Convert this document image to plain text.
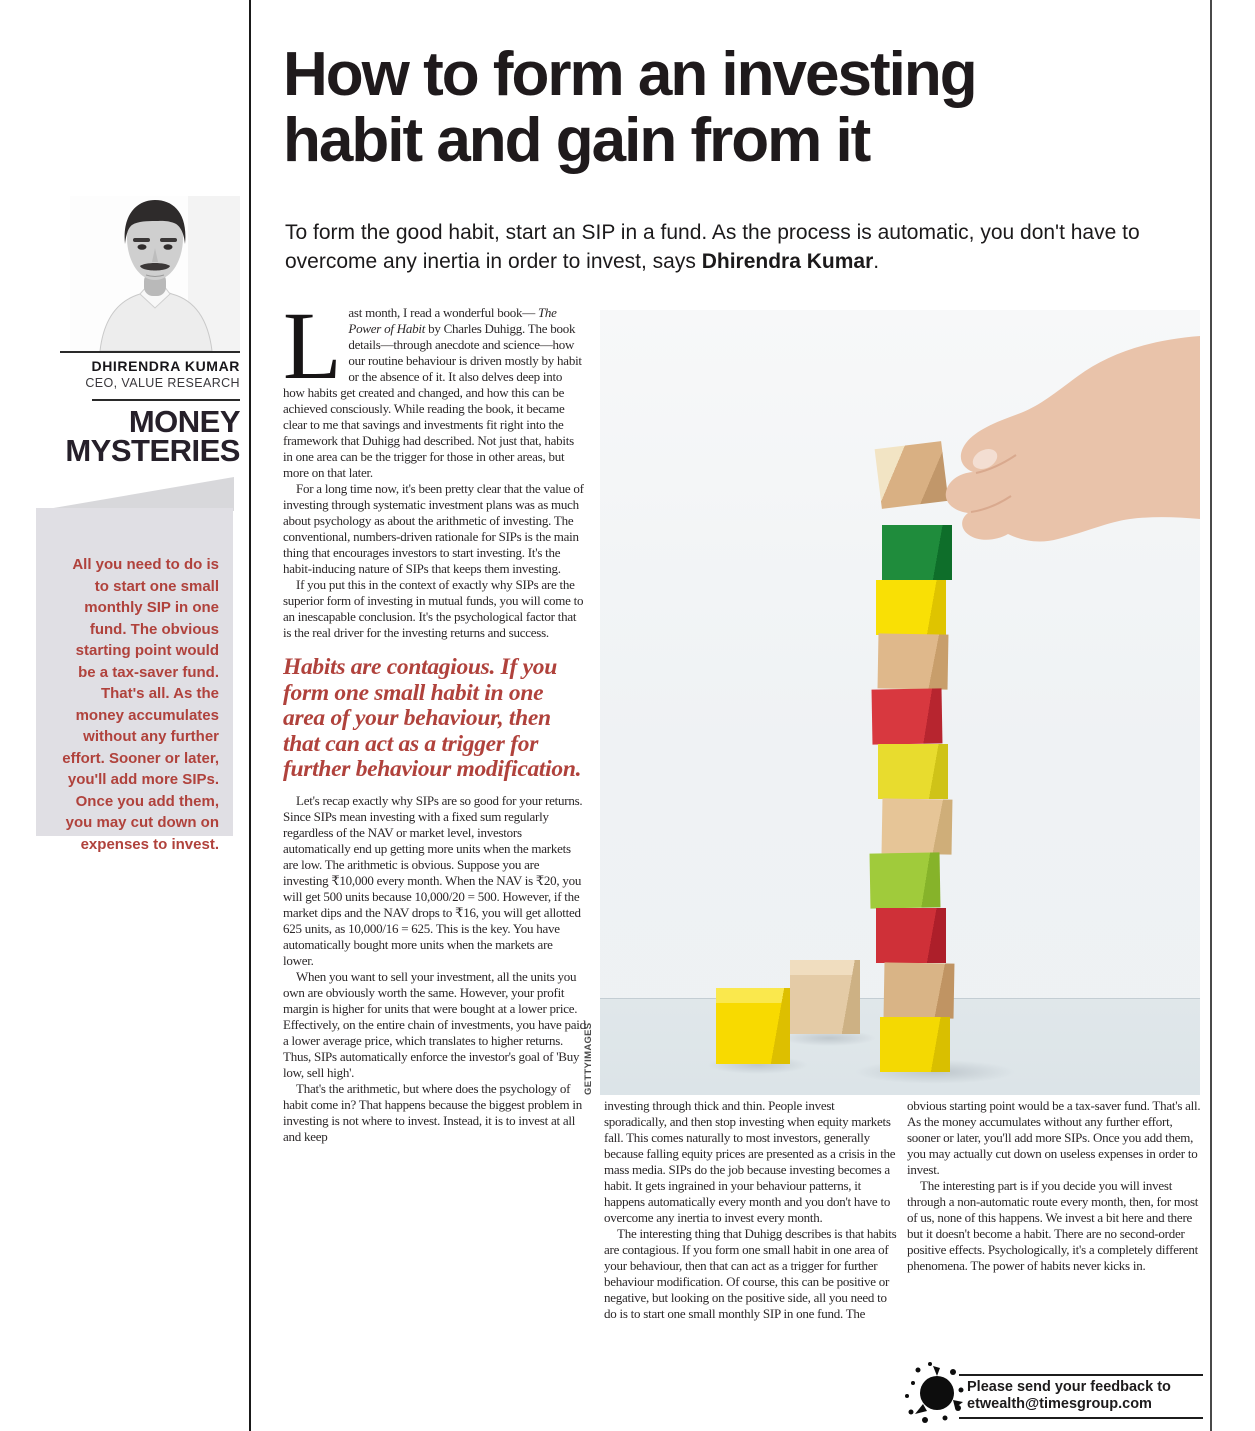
DHIRENDRA KUMAR
CEO, VALUE RESEARCH
MONEY
MYSTERIES
All you need to do is to start one small monthly SIP in one fund. The obvious starting point would be a tax-saver fund. That's all. As the money accumulates without any further effort. Sooner or later, you'll add more SIPs. Once you add them, you may cut down on expenses to invest.
How to form an investing
habit and gain from it
To form the good habit, start an SIP in a fund. As the process is automatic, you don't have to overcome any inertia in order to invest, says Dhirendra Kumar.

Last month, I read a wonderful book— The Power of Habit by Charles Duhigg. The book details—through anecdote and science—how our routine behaviour is driven mostly by habit or the absence of it. It also delves deep into how habits get created and changed, and how this can be achieved consciously. While reading the book, it became clear to me that savings and investments fit right into the framework that Duhigg had described. Not just that, habits in one area can be the trigger for those in other areas, but more on that later.

For a long time now, it's been pretty clear that the value of investing through systematic investment plans was as much about psychology as about the arithmetic of investing. The conventional, numbers-driven rationale for SIPs is the main thing that encourages investors to start investing. It's the habit-inducing nature of SIPs that keeps them investing.

If you put this in the context of exactly why SIPs are the superior form of investing in mutual funds, you will come to an inescapable conclusion. It's the psychological factor that is the real driver for the investing returns and success.

Habits are contagious. If you form one small habit in one area of your behaviour, then that can act as a trigger for further behaviour modification.

Let's recap exactly why SIPs are so good for your returns. Since SIPs mean investing with a fixed sum regularly regardless of the NAV or market level, investors automatically end up getting more units when the markets are low. The arithmetic is obvious. Suppose you are investing ₹10,000 every month. When the NAV is ₹20, you will get 500 units because 10,000/20 = 500. However, if the market dips and the NAV drops to ₹16, you will get allotted 625 units, as 10,000/16 = 625. This is the key. You have automatically bought more units when the markets are lower.

When you want to sell your investment, all the units you own are obviously worth the same. However, your profit margin is higher for units that were bought at a lower price. Effectively, on the entire chain of investments, you have paid a lower average price, which translates to higher returns. Thus, SIPs automatically enforce the investor's goal of 'Buy low, sell high'.

That's the arithmetic, but where does the psychology of habit come in? That happens because the biggest problem in investing is not where to invest. Instead, it is to invest at all and keep

GETTYIMAGES

investing through thick and thin. People invest sporadically, and then stop investing when equity markets fall. This comes naturally to most investors, generally because falling equity prices are presented as a crisis in the mass media. SIPs do the job because investing becomes a habit. It gets ingrained in your behaviour patterns, it happens automatically every month and you don't have to overcome any inertia to invest every month.

The interesting thing that Duhigg describes is that habits are contagious. If you form one small habit in one area of your behaviour, then that can act as a trigger for further behaviour modification. Of course, this can be positive or negative, but looking on the positive side, all you need to do is to start one small monthly SIP in one fund. The

obvious starting point would be a tax-saver fund. That's all. As the money accumulates without any further effort, sooner or later, you'll add more SIPs. Once you add them, you may actually cut down on useless expenses in order to invest.

The interesting part is if you decide you will invest through a non-automatic route every month, then, for most of us, none of this happens. We invest a bit here and there but it doesn't become a habit. There are no second-order positive effects. Psychologically, it's a completely different phenomena. The power of habits never kicks in.

Please send your feedback to
etwealth@timesgroup.com
